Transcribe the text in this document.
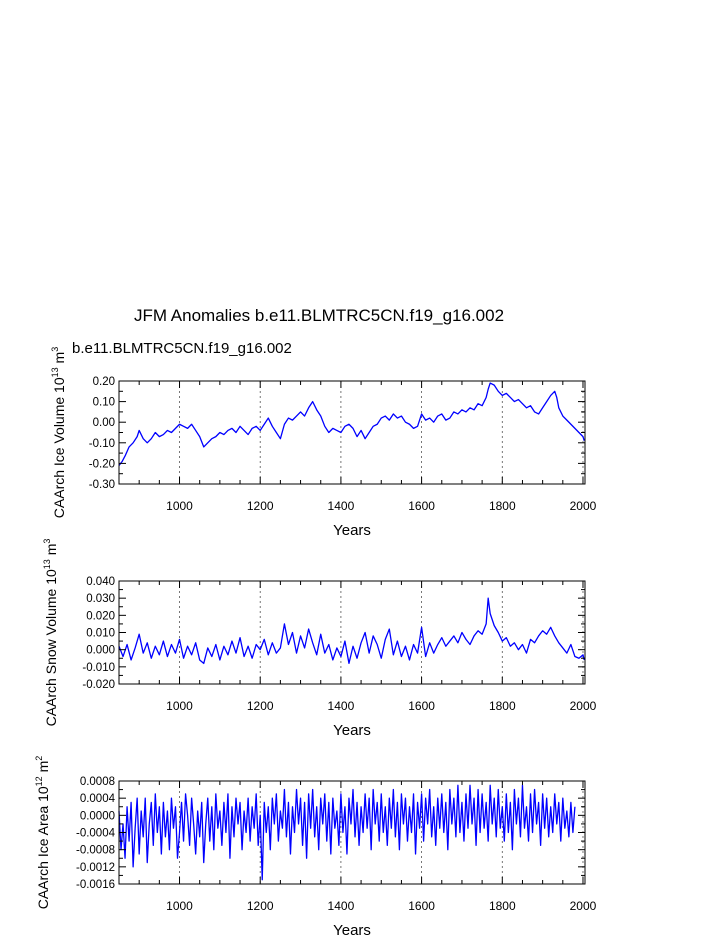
JFM Anomalies b.e11.BLMTRC5CN.f19_g16.002
b.e11.BLMTRC5CN.f19_g16.002
1000	1200	1400	1600	1800	2000
0.20
0.10
0.00
-0.10
-0.20
-0.30
Years
CAArch Ice Volume $10^{13}$ $m^3$
1000	1200	1400	1600	1800	2000
0.040
0.030
0.020
0.010
0.000
-0.010
-0.020
Years
CAArch Snow Volume $10^{13}$ $m^3$
1000	1200	1400	1600	1800	2000
0.0008
0.0004
0.0000
-0.0004
-0.0008
-0.0012
-0.0016
Years
CAArch Ice Area $10^{12}$ $m^2$
